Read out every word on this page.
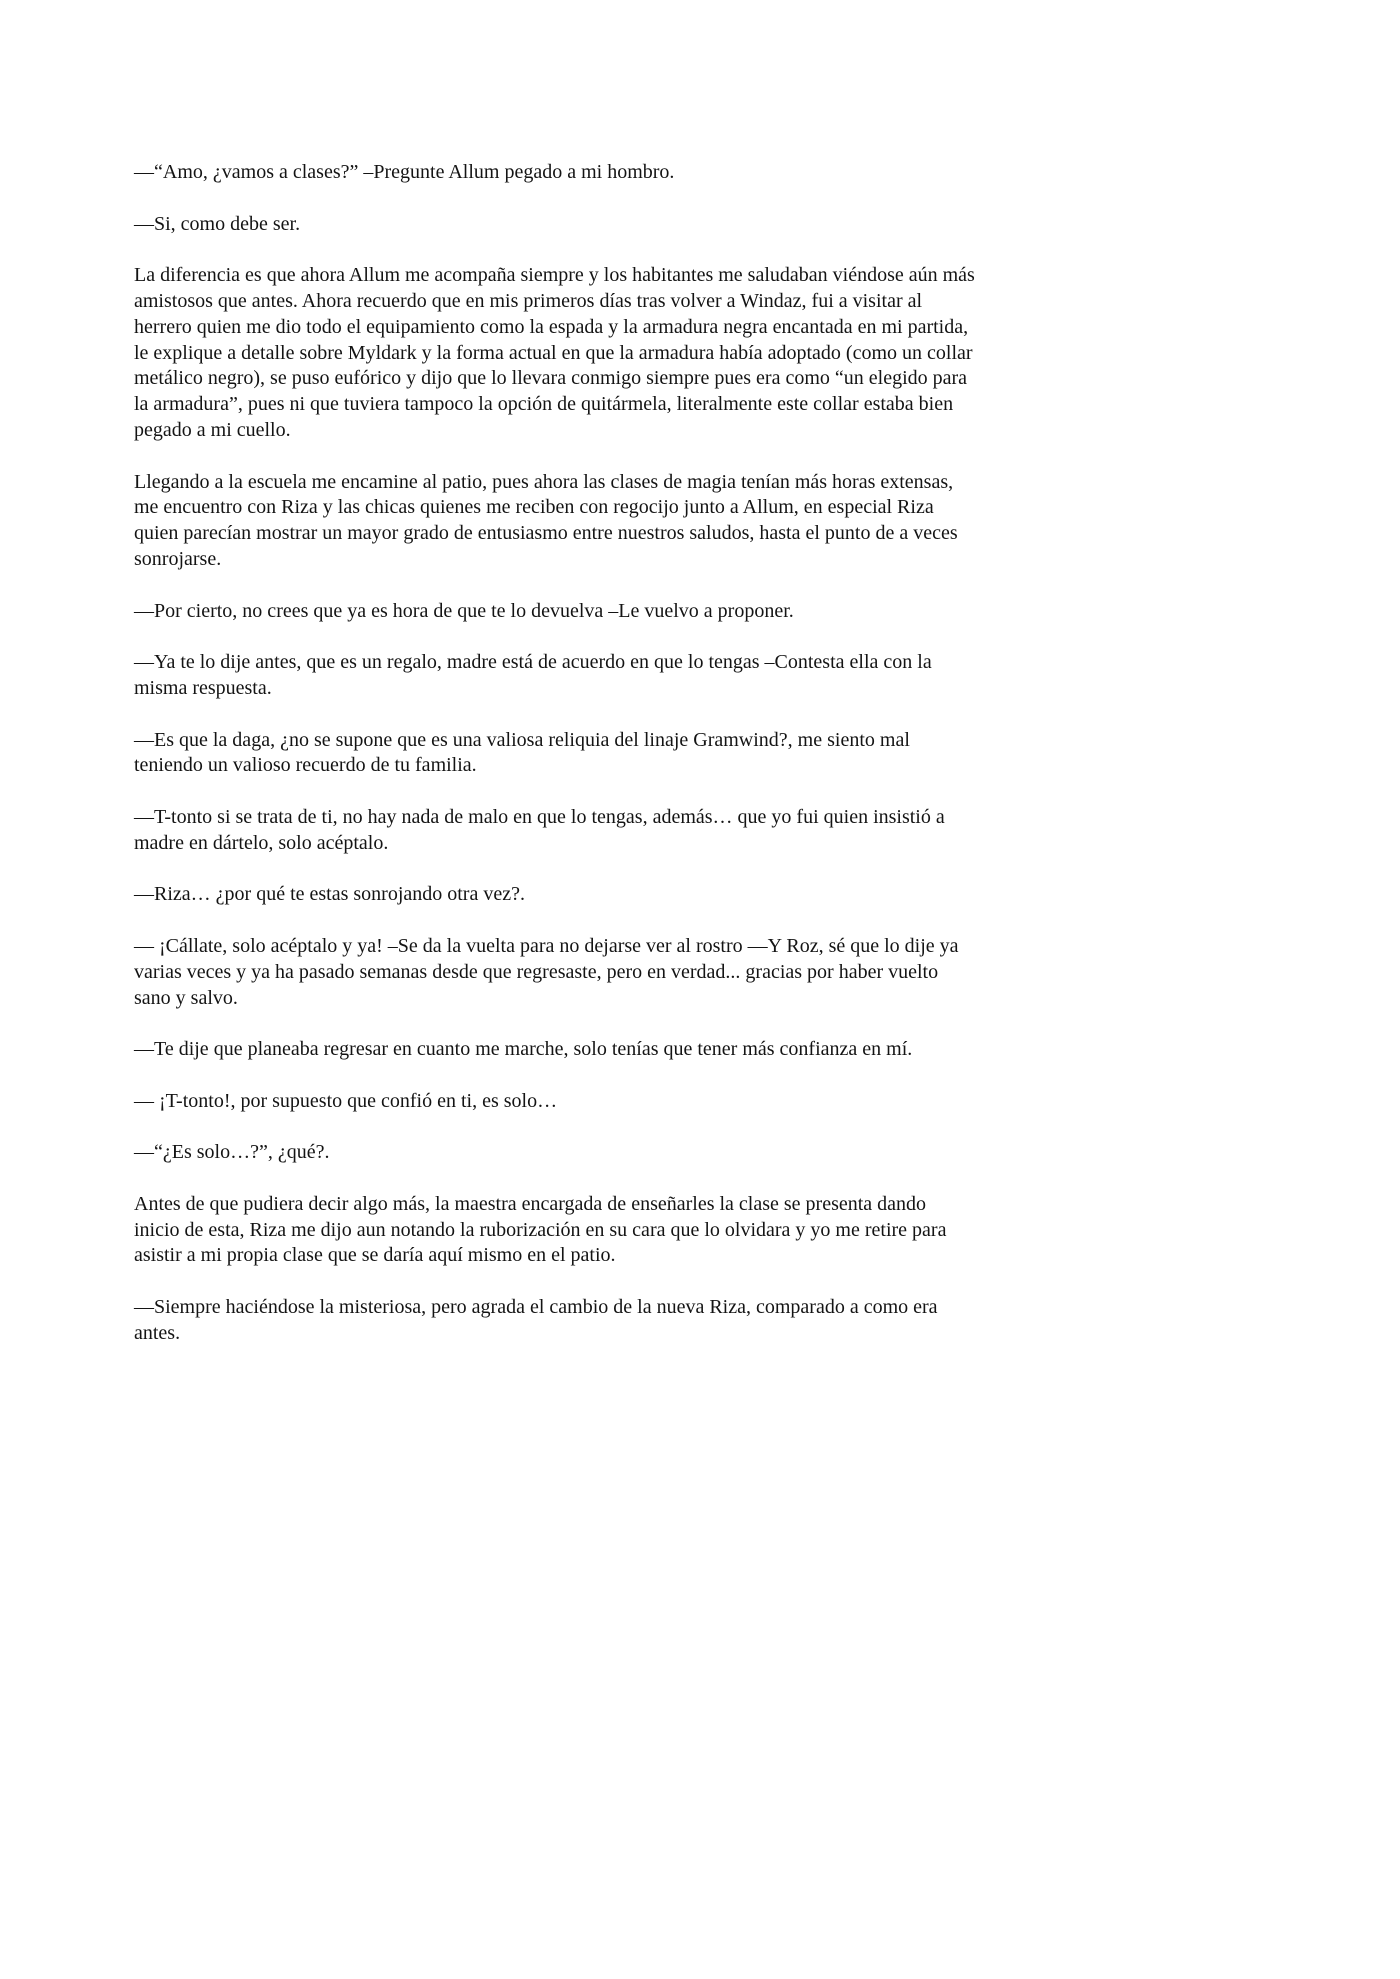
—“Amo, ¿vamos a clases?” –Pregunte Allum pegado a mi hombro.

—Si, como debe ser.

La diferencia es que ahora Allum me acompaña siempre y los habitantes me saludaban viéndose aún más amistosos que antes. Ahora recuerdo que en mis primeros días tras volver a Windaz, fui a visitar al herrero quien me dio todo el equipamiento como la espada y la armadura negra encantada en mi partida, le explique a detalle sobre Myldark y la forma actual en que la armadura había adoptado (como un collar metálico negro), se puso eufórico y dijo que lo llevara conmigo siempre pues era como “un elegido para la armadura”, pues ni que tuviera tampoco la opción de quitármela, literalmente este collar estaba bien pegado a mi cuello.

Llegando a la escuela me encamine al patio, pues ahora las clases de magia tenían más horas extensas, me encuentro con Riza y las chicas quienes me reciben con regocijo junto a Allum, en especial Riza quien parecían mostrar un mayor grado de entusiasmo entre nuestros saludos, hasta el punto de a veces sonrojarse.

—Por cierto, no crees que ya es hora de que te lo devuelva –Le vuelvo a proponer.

—Ya te lo dije antes, que es un regalo, madre está de acuerdo en que lo tengas –Contesta ella con la misma respuesta.

—Es que la daga, ¿no se supone que es una valiosa reliquia del linaje Gramwind?, me siento mal teniendo un valioso recuerdo de tu familia.

—T-tonto si se trata de ti, no hay nada de malo en que lo tengas, además… que yo fui quien insistió a madre en dártelo, solo acéptalo.

—Riza… ¿por qué te estas sonrojando otra vez?.

— ¡Cállate, solo acéptalo y ya! –Se da la vuelta para no dejarse ver al rostro —Y Roz, sé que lo dije ya varias veces y ya ha pasado semanas desde que regresaste, pero en verdad... gracias por haber vuelto sano y salvo.

—Te dije que planeaba regresar en cuanto me marche, solo tenías que tener más confianza en mí.

— ¡T-tonto!, por supuesto que confió en ti, es solo…

—“¿Es solo…?”, ¿qué?.

Antes de que pudiera decir algo más, la maestra encargada de enseñarles la clase se presenta dando inicio de esta, Riza me dijo aun notando la ruborización en su cara que lo olvidara y yo me retire para asistir a mi propia clase que se daría aquí mismo en el patio.

—Siempre haciéndose la misteriosa, pero agrada el cambio de la nueva Riza, comparado a como era antes.
